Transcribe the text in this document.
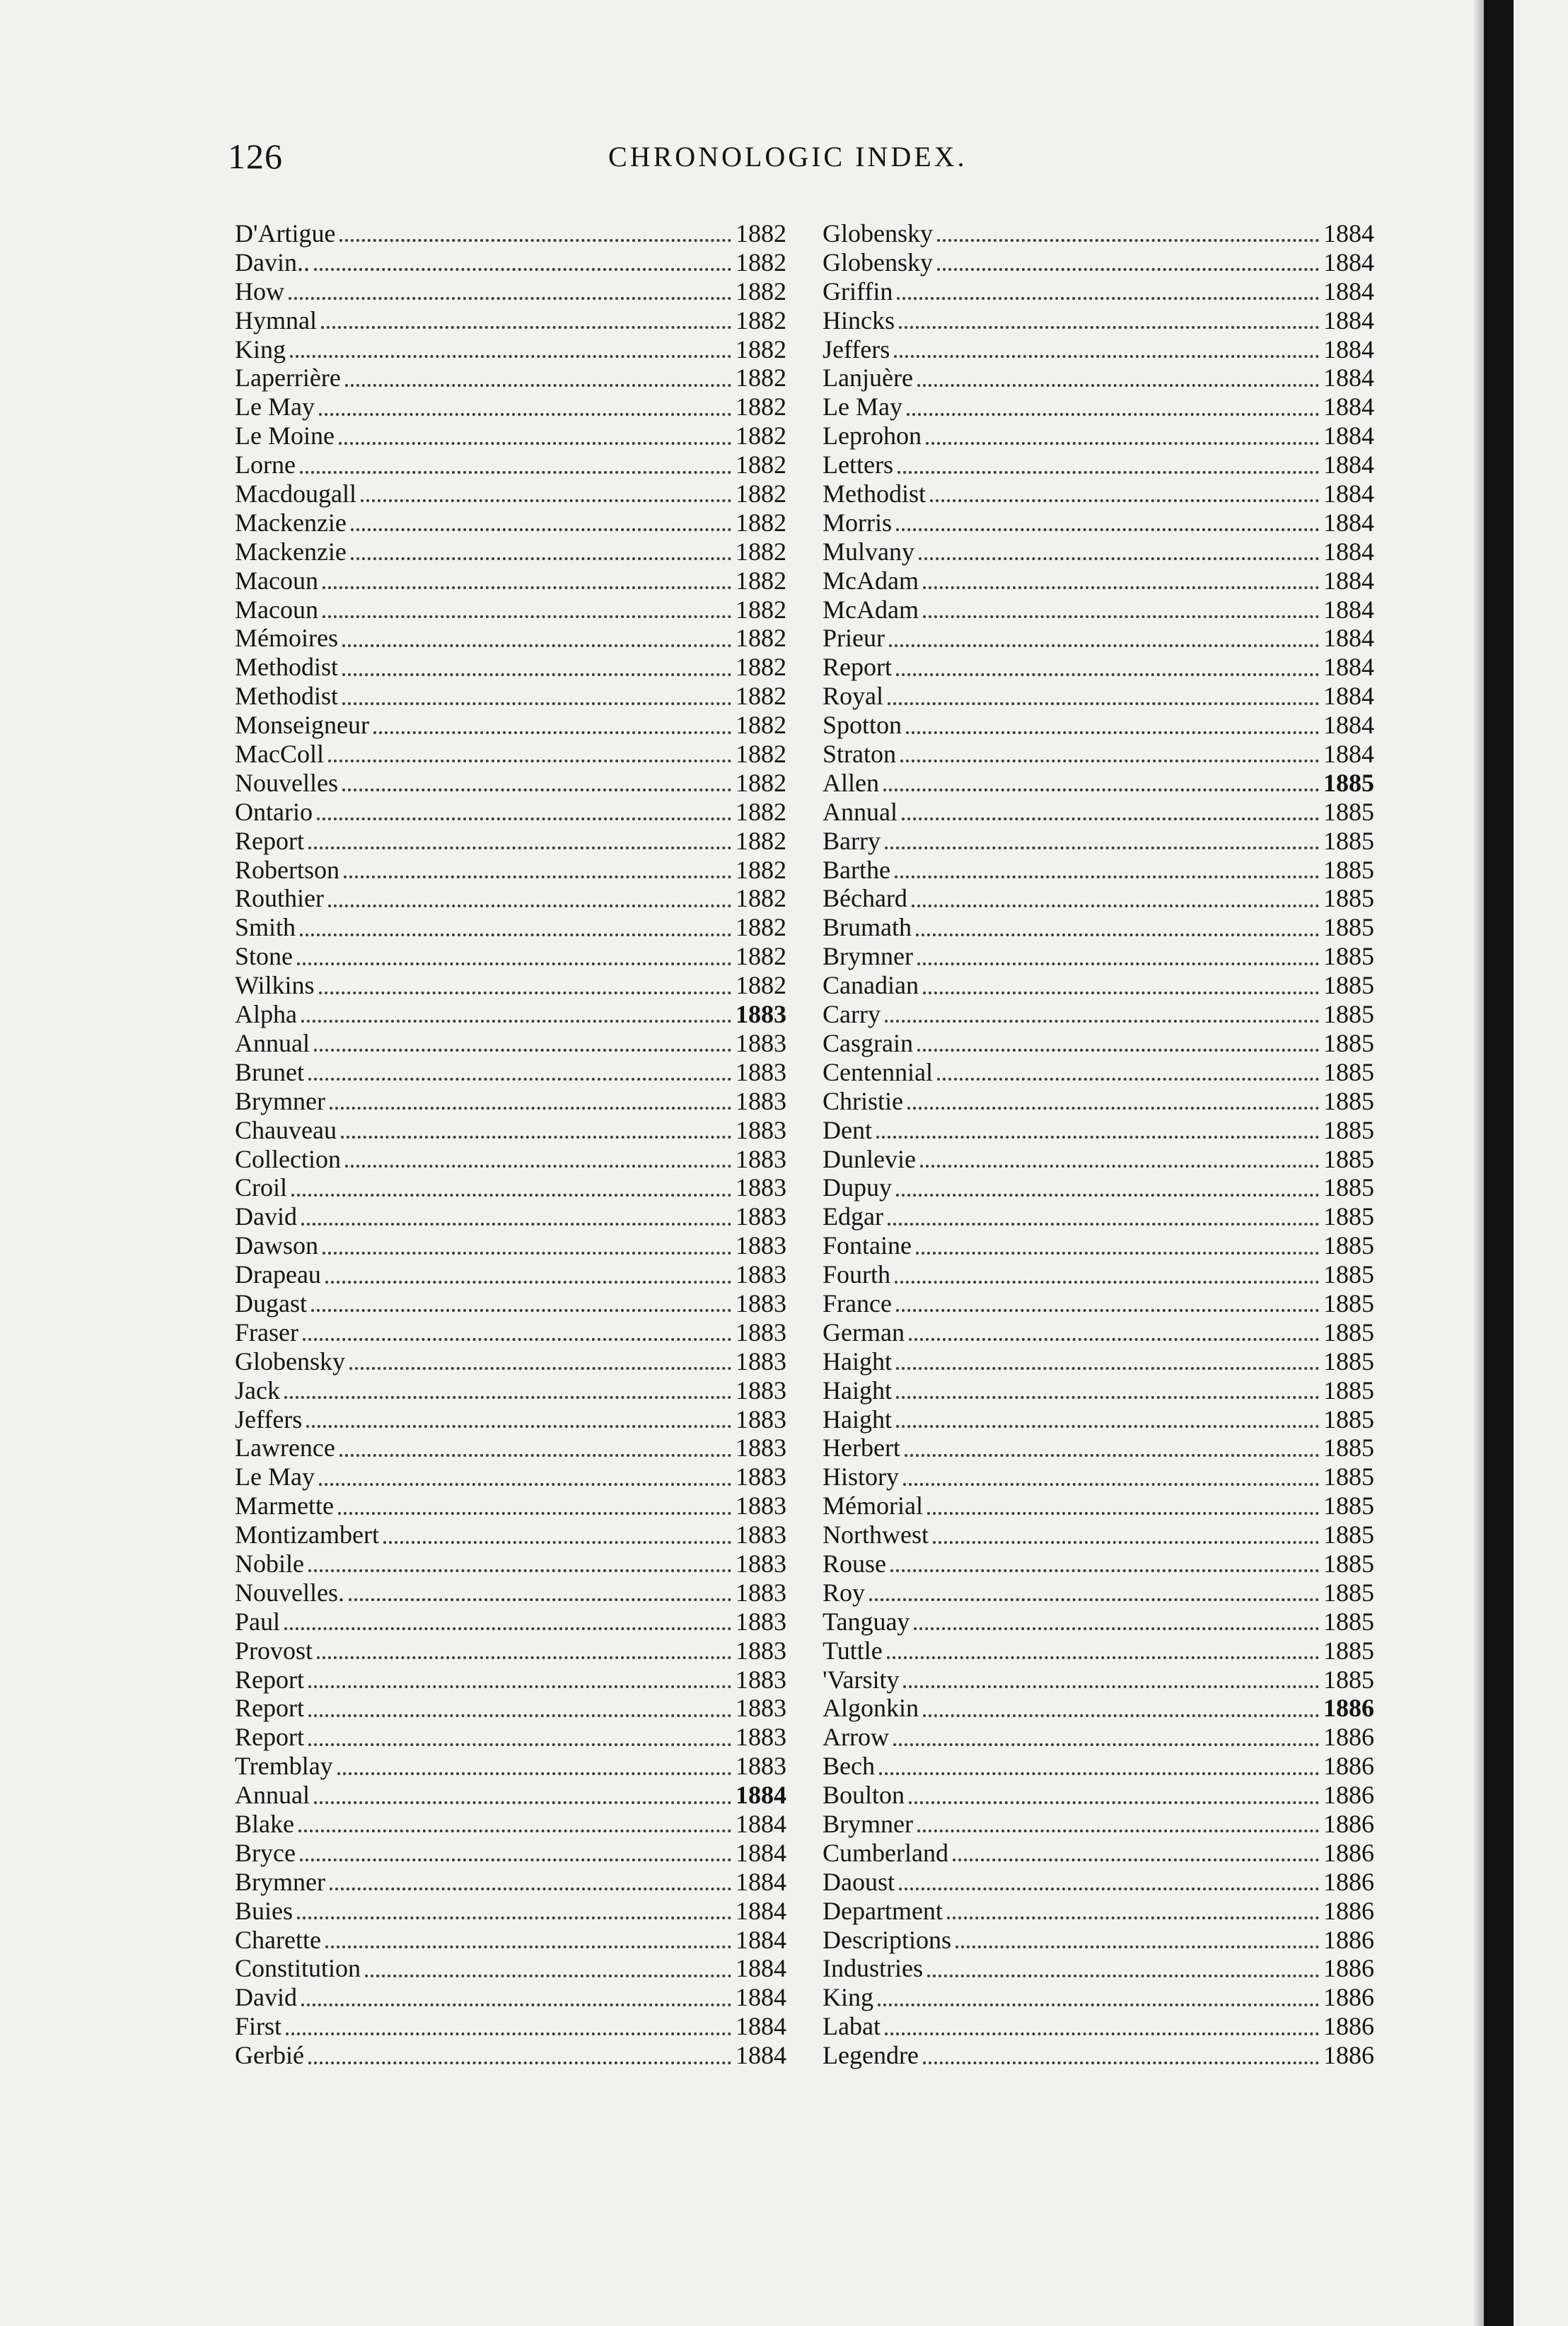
126	CHRONOLOGIC INDEX.
D'Artigue	1882
Davin..	1882
How	1882
Hymnal	1882
King	1882
Laperrière	1882
Le May	1882
Le Moine	1882
Lorne	1882
Macdougall	1882
Mackenzie	1882
Mackenzie	1882
Macoun	1882
Macoun	1882
Mémoires	1882
Methodist	1882
Methodist	1882
Monseigneur	1882
MacColl	1882
Nouvelles	1882
Ontario	1882
Report	1882
Robertson	1882
Routhier	1882
Smith	1882
Stone	1882
Wilkins	1882
Alpha	1883
Annual	1883
Brunet	1883
Brymner	1883
Chauveau	1883
Collection	1883
Croil	1883
David	1883
Dawson	1883
Drapeau	1883
Dugast	1883
Fraser	1883
Globensky	1883
Jack	1883
Jeffers	1883
Lawrence	1883
Le May	1883
Marmette	1883
Montizambert	1883
Nobile	1883
Nouvelles.	1883
Paul	1883
Provost	1883
Report	1883
Report	1883
Report	1883
Tremblay	1883
Annual	1884
Blake	1884
Bryce	1884
Brymner	1884
Buies	1884
Charette	1884
Constitution	1884
David	1884
First	1884
Gerbié	1884
Globensky	1884
Globensky	1884
Griffin	1884
Hincks	1884
Jeffers	1884
Lanjuère	1884
Le May	1884
Leprohon	1884
Letters	1884
Methodist	1884
Morris	1884
Mulvany	1884
McAdam	1884
McAdam	1884
Prieur	1884
Report	1884
Royal	1884
Spotton	1884
Straton	1884
Allen	1885
Annual	1885
Barry	1885
Barthe	1885
Béchard	1885
Brumath	1885
Brymner	1885
Canadian	1885
Carry	1885
Casgrain	1885
Centennial	1885
Christie	1885
Dent	1885
Dunlevie	1885
Dupuy	1885
Edgar	1885
Fontaine	1885
Fourth	1885
France	1885
German	1885
Haight	1885
Haight	1885
Haight	1885
Herbert	1885
History	1885
Mémorial	1885
Northwest	1885
Rouse	1885
Roy	1885
Tanguay	1885
Tuttle	1885
'Varsity	1885
Algonkin	1886
Arrow	1886
Bech	1886
Boulton	1886
Brymner	1886
Cumberland	1886
Daoust	1886
Department	1886
Descriptions	1886
Industries	1886
King	1886
Labat	1886
Legendre	1886
